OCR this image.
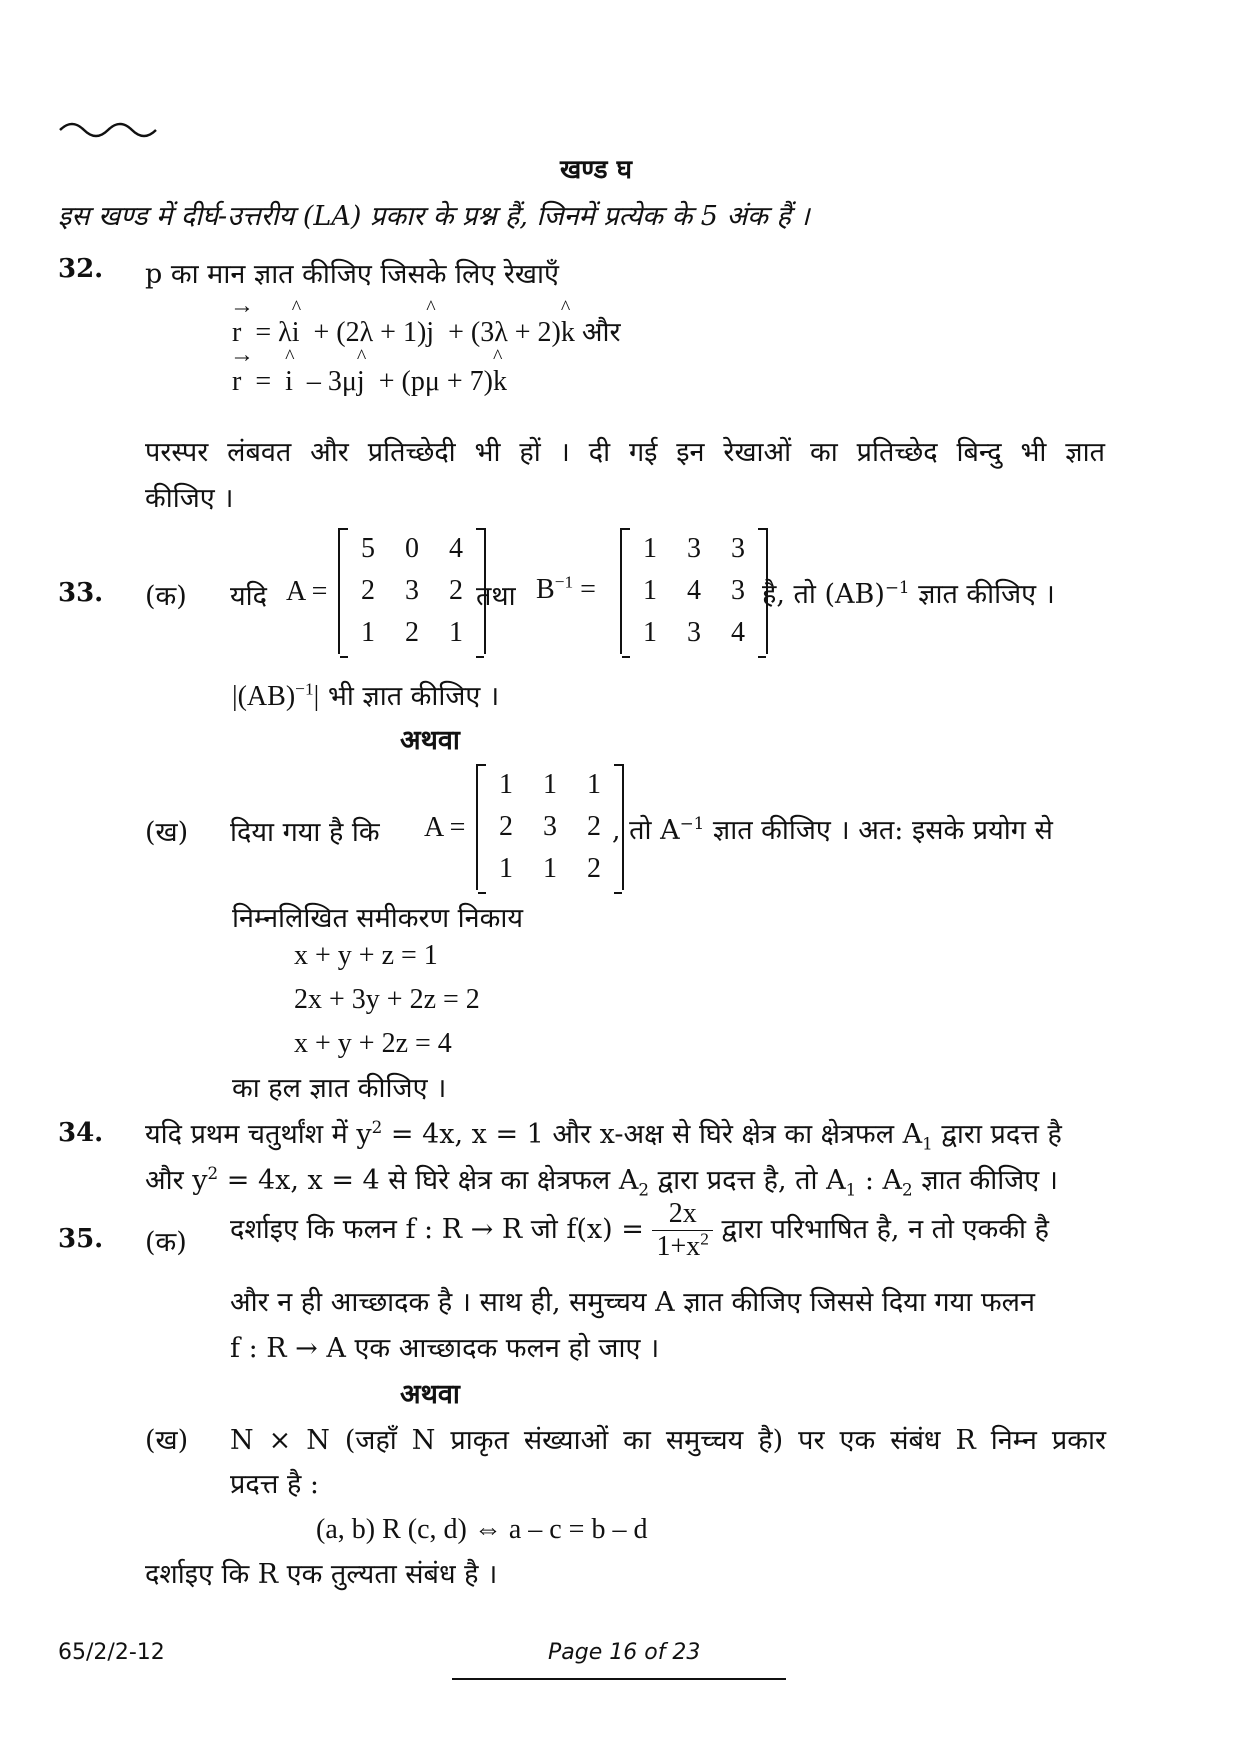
खण्ड घ
इस खण्ड में दीर्घ-उत्तरीय (LA) प्रकार के प्रश्न हैं, जिनमें प्रत्येक के 5 अंक हैं ।
32. p का मान ज्ञात कीजिए जिसके लिए रेखाएँ
→
r  = λ
^
i  + (2λ + 1)
^
j  + (3λ + 2)
^
k और
→
r  =
^
i  – 3μ
^
j  + (pμ + 7)
^
k
परस्पर लंबवत और प्रतिच्छेदी भी हों । दी गई इन रेखाओं का प्रतिच्छेद बिन्दु भी ज्ञात
कीजिए ।
33. (क) यदि A =
5	0	4
2	3	2
1	2	1
तथा $B^{-1}$ =
1	3	3
1	4	3
1	3	4
है, तो (AB)$^{-1}$ ज्ञात कीजिए ।
|(AB)$^{-1}$| भी ज्ञात कीजिए ।
अथवा
(ख) दिया गया है कि A =
1	1	1
2	3	2
1	1	2
, तो $A^{-1}$ ज्ञात कीजिए । अत: इसके प्रयोग से
निम्नलिखित समीकरण निकाय
x + y + z = 1
2x + 3y + 2z = 2
x + y + 2z = 4
का हल ज्ञात कीजिए ।
34. यदि प्रथम चतुर्थांश में $y^2 = 4x$, x = 1 और x-अक्ष से घिरे क्षेत्र का क्षेत्रफल $A_1$ द्वारा प्रदत्त है
और $y^2 = 4x$, x = 4 से घिरे क्षेत्र का क्षेत्रफल $A_2$ द्वारा प्रदत्त है, तो $A_1$ : $A_2$ ज्ञात कीजिए ।
35. (क) दर्शाइए कि फलन f : R → R जो $f(x) = \frac{2x}{1+x^2}$ द्वारा परिभाषित है, न तो एककी है
और न ही आच्छादक है । साथ ही, समुच्चय A ज्ञात कीजिए जिससे दिया गया फलन
f : R → A एक आच्छादक फलन हो जाए ।
अथवा
(ख) N × N (जहाँ N प्राकृत संख्याओं का समुच्चय है) पर एक संबंध R निम्न प्रकार
प्रदत्त है :
(a, b) R (c, d) ⇔ a – c = b – d
दर्शाइए कि R एक तुल्यता संबंध है ।
65/2/2-12	Page 16 of 23
